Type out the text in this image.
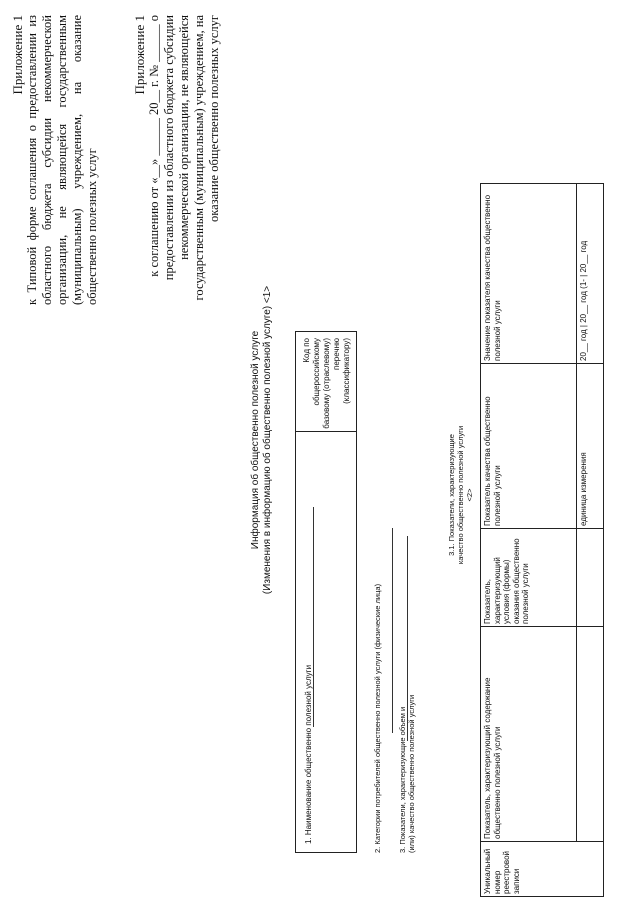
Приложение 1 к Типовой форме соглашения о предоставлении из областного бюджета субсидии некоммерческой организации, не являющейся государственным (муниципальным) учреждением, на оказание общественно полезных услуг
Приложение 1 к соглашению от «__» ______ 20__ г. № ______ о предоставлении из областного бюджета субсидии некоммерческой организации, не являющейся государственным (муниципальным) учреждением, на оказание общественно полезных услуг
Информация об общественно полезной услуге (Изменения в информацию об общественно полезной услуге) <1>
1. Наименование общественно полезной услуги
Код по общероссийскому базовому (отраслевому) перечню (классификатору)
2. Категории потребителей общественно полезной услуги (физические лица) 3. Показатели, характеризующие объем и (или) качество общественно полезной услуги
3.1. Показатели, характеризующие качество общественно полезной услуги <2>
Уникальный номер реестровой записи	Показатель, характеризующий содержание общественно полезной услуги	Показатель, характеризующий условия (формы) оказания общественно полезной услуги	Показатель качества общественно полезной услуги	Значение показателя качества общественно полезной услуги
			единица измерения	20__ год | 20__ год (1- | 20__ год
